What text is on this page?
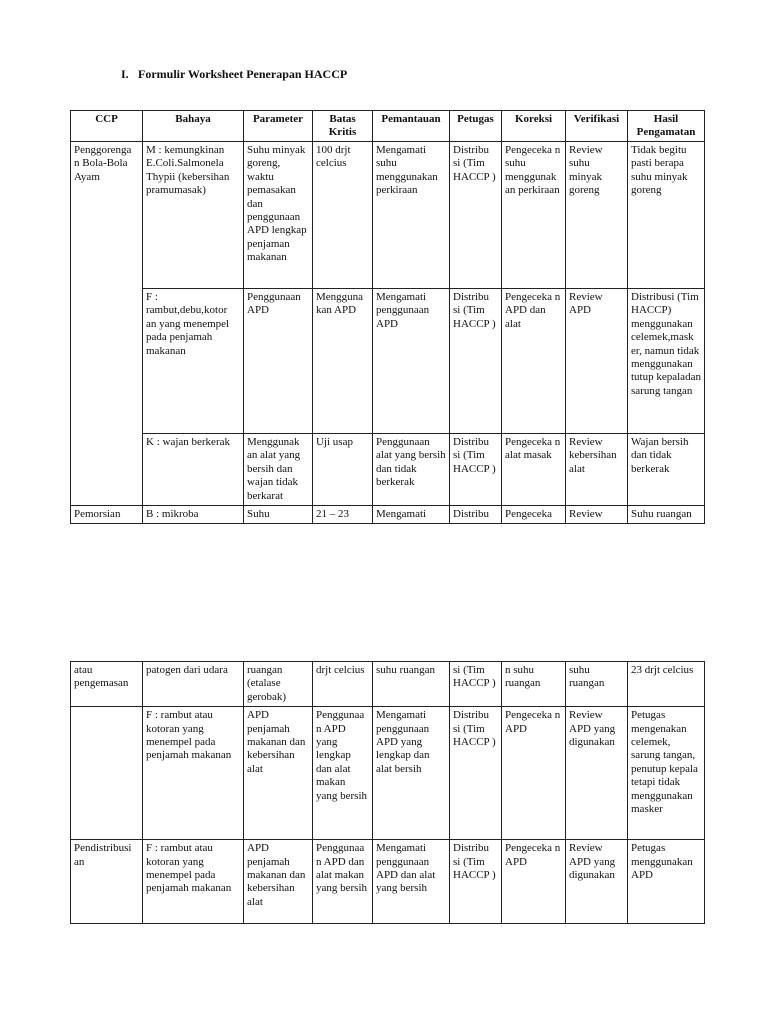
I. Formulir Worksheet Penerapan HACCP
CCP	Bahaya	Parameter	Batas Kritis	Pemantauan	Petugas	Koreksi	Verifikasi	Hasil Pengamatan
Penggorenga n Bola-Bola Ayam	M : kemungkinan E.Coli.Salmonela Thypii (kebersihan pramumasak)	Suhu minyak goreng, waktu pemasakan dan penggunaan APD lengkap penjaman makanan	100 drjt celcius	Mengamati suhu menggunakan perkiraan	Distribu si (Tim HACCP )	Pengeceka n suhu menggunak an perkiraan	Review suhu minyak goreng	Tidak begitu pasti berapa suhu minyak goreng
	F : rambut,debu,kotor an yang menempel pada penjamah makanan	Penggunaan APD	Mengguna kan APD	Mengamati penggunaan APD	Distribu si (Tim HACCP )	Pengeceka n APD dan alat	Review APD	Distribusi (Tim HACCP) menggunakan celemek,mask er, namun tidak menggunakan tutup kepaladan sarung tangan
	K : wajan berkerak	Menggunak an alat yang bersih dan wajan tidak berkarat	Uji usap	Penggunaan alat yang bersih dan tidak berkerak	Distribu si (Tim HACCP )	Pengeceka n alat masak	Review kebersihan alat	Wajan bersih dan tidak berkerak
Pemorsian	B : mikroba	Suhu	21 – 23	Mengamati	Distribu	Pengeceka	Review	Suhu ruangan
atau pengemasan	patogen dari udara	ruangan (etalase gerobak)	drjt celcius	suhu ruangan	si (Tim HACCP )	n suhu ruangan	suhu ruangan	23 drjt celcius
	F : rambut atau kotoran yang menempel pada penjamah makanan	APD penjamah makanan dan kebersihan alat	Penggunaa n APD yang lengkap dan alat makan yang bersih	Mengamati penggunaan APD yang lengkap dan alat bersih	Distribu si (Tim HACCP )	Pengeceka n APD	Review APD yang digunakan	Petugas mengenakan celemek, sarung tangan, penutup kepala tetapi tidak menggunakan masker
Pendistribusi an	F : rambut atau kotoran yang menempel pada penjamah makanan	APD penjamah makanan dan kebersihan alat	Penggunaa n APD dan alat makan yang bersih	Mengamati penggunaan APD dan alat yang bersih	Distribu si (Tim HACCP )	Pengeceka n APD	Review APD yang digunakan	Petugas menggunakan APD
